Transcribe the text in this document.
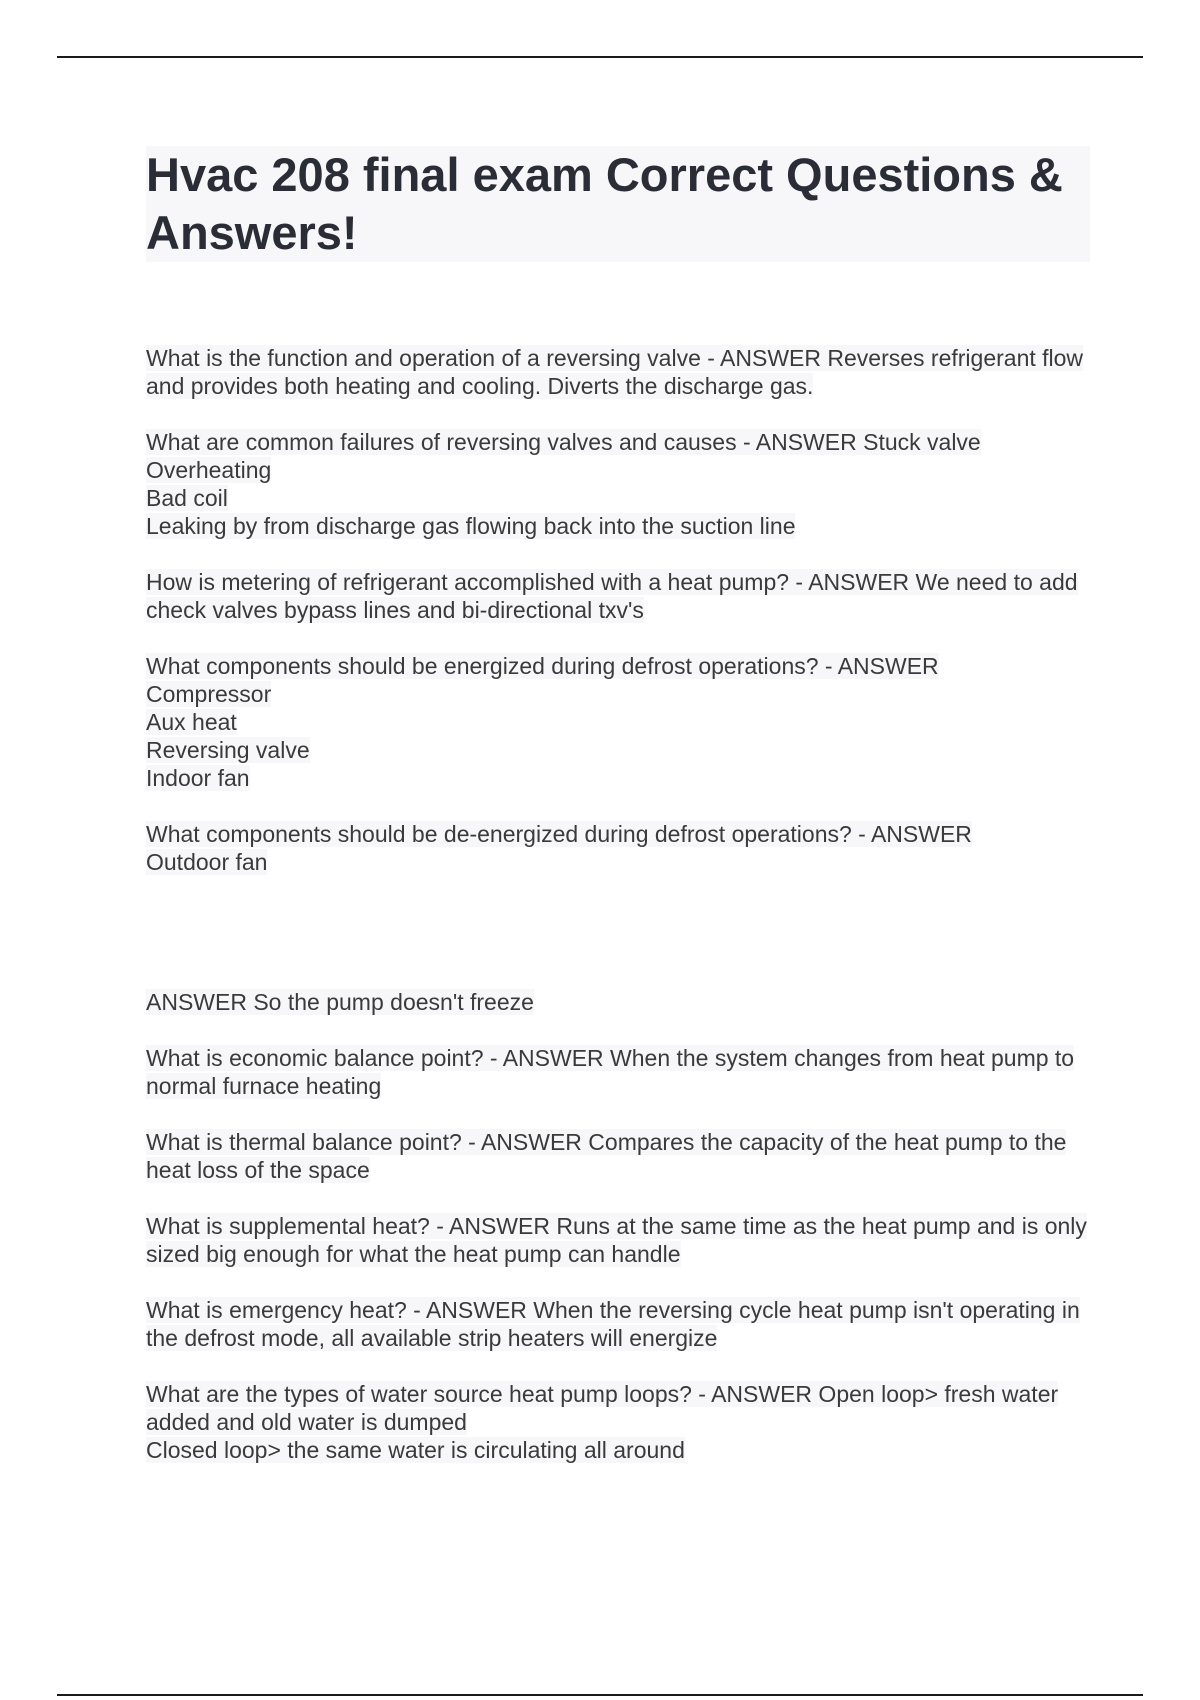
Hvac 208 final exam Correct Questions & Answers!

What is the function and operation of a reversing valve - ANSWER Reverses refrigerant flow and provides both heating and cooling. Diverts the discharge gas.

What are common failures of reversing valves and causes - ANSWER Stuck valve
Overheating
Bad coil
Leaking by from discharge gas flowing back into the suction line

How is metering of refrigerant accomplished with a heat pump? - ANSWER We need to add check valves bypass lines and bi-directional txv's

What components should be energized during defrost operations? - ANSWER
Compressor
Aux heat
Reversing valve
Indoor fan

What components should be de-energized during defrost operations? - ANSWER
Outdoor fan

ANSWER So the pump doesn't freeze

What is economic balance point? - ANSWER When the system changes from heat pump to normal furnace heating

What is thermal balance point? - ANSWER Compares the capacity of the heat pump to the heat loss of the space

What is supplemental heat? - ANSWER Runs at the same time as the heat pump and is only sized big enough for what the heat pump can handle

What is emergency heat? - ANSWER When the reversing cycle heat pump isn't operating in the defrost mode, all available strip heaters will energize

What are the types of water source heat pump loops? - ANSWER Open loop> fresh water added and old water is dumped
Closed loop> the same water is circulating all around
